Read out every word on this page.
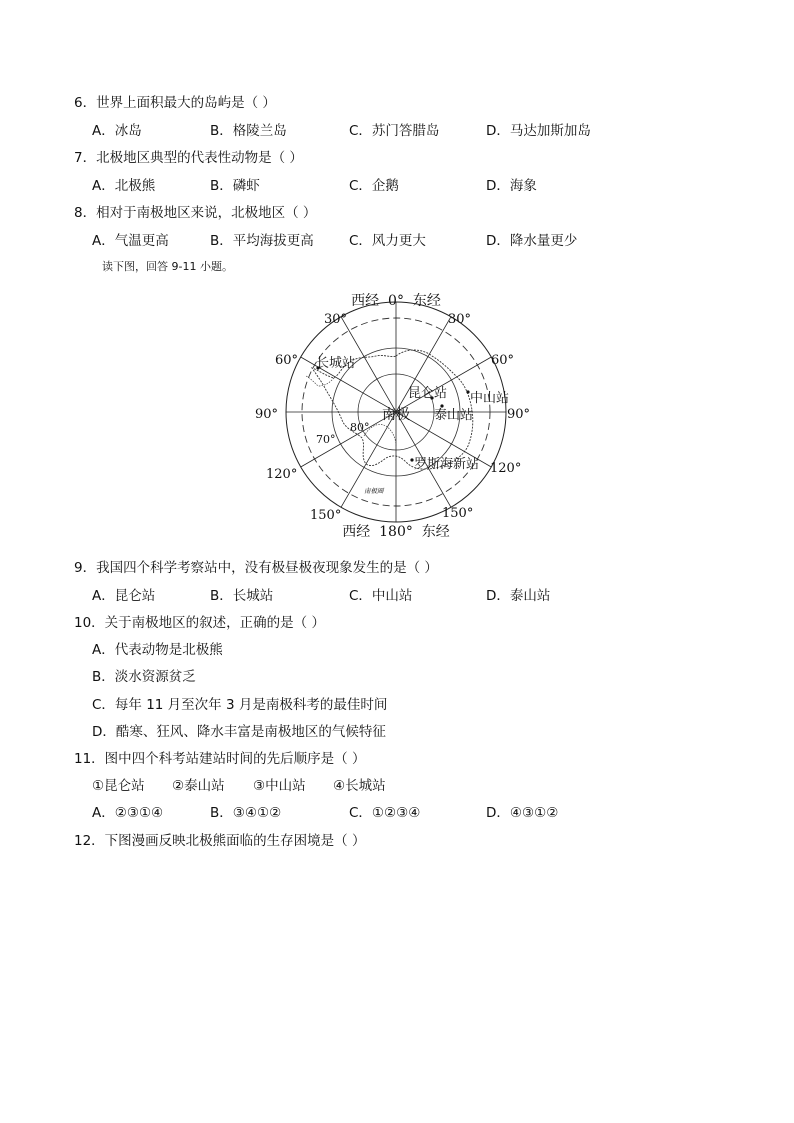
6．世界上面积最大的岛屿是（ ）
A．冰岛	B．格陵兰岛	C．苏门答腊岛	D．马达加斯加岛
7．北极地区典型的代表性动物是（ ）
A．北极熊	B．磷虾	C．企鹅	D．海象
8．相对于南极地区来说，北极地区（ ）
A．气温更高	B．平均海拔更高	C．风力更大	D．降水量更少
读下图，回答 9-11 小题。
西经  0°  东经
西经  180°  东经
30°	30°
60°	60°
90°	90°
120°	120°
150°	150°
80°
70°
南极圈
南极
长城站
昆仑站 中山站
泰山站
罗斯海新站
9．我国四个科学考察站中，没有极昼极夜现象发生的是（ ）
A．昆仑站	B．长城站	C．中山站	D．泰山站
10．关于南极地区的叙述，正确的是（ ）
A．代表动物是北极熊
B．淡水资源贫乏
C．每年 11 月至次年 3 月是南极科考的最佳时间
D．酷寒、狂风、降水丰富是南极地区的气候特征
11．图中四个科考站建站时间的先后顺序是（ ）
①昆仑站 ②泰山站 ③中山站 ④长城站
A．②③①④	B．③④①②	C．①②③④	D．④③①②
12．下图漫画反映北极熊面临的生存困境是（ ）
